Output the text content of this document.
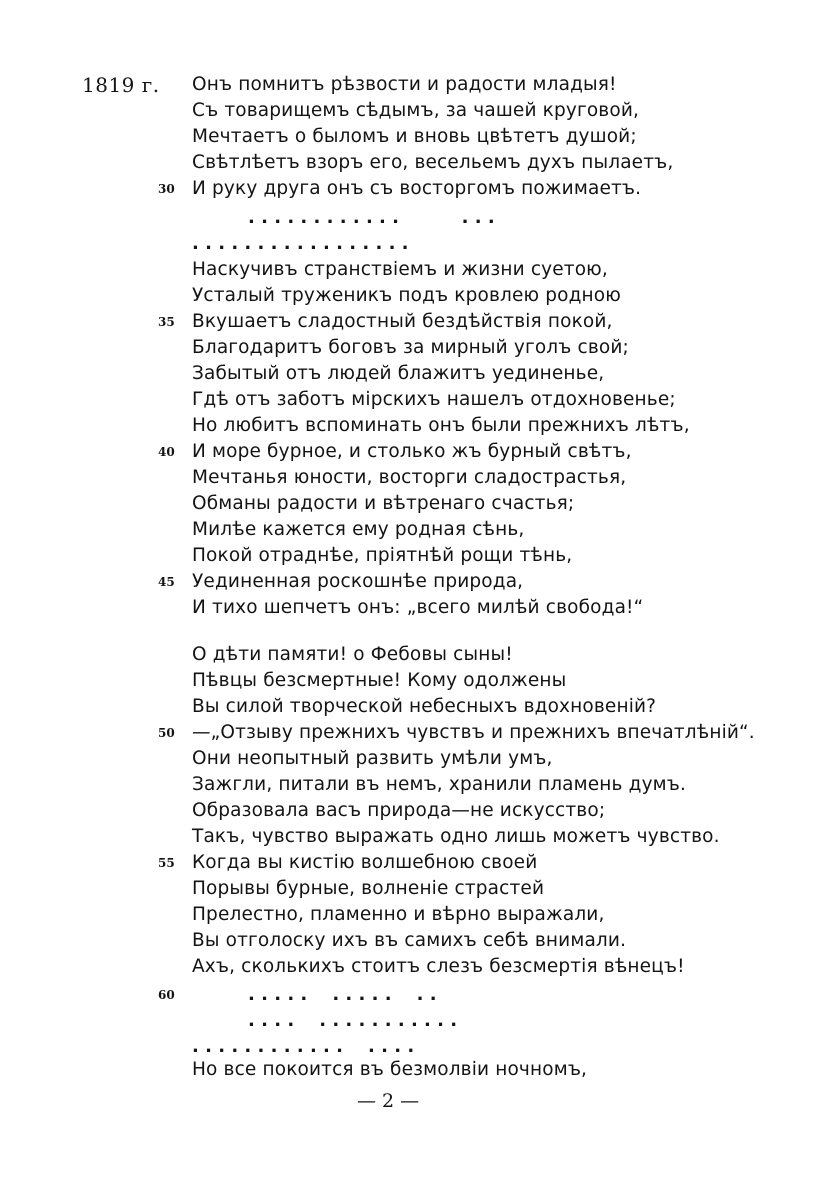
1819 г. Онъ помнитъ рѣзвости и радости младыя!
Съ товарищемъ сѣдымъ, за чашей круговой,
Мечтаетъ о быломъ и вновь цвѣтетъ душой;
Свѣтлѣетъ взоръ его, весельемъ духъ пылаетъ,
30 И руку друга онъ съ восторгомъ пожимаетъ.
. . . . . . . . . . . .          . . .
. . . . . . . . . . . . . . . . .
Наскучивъ странствіемъ и жизни суетою,
Усталый труженикъ подъ кровлею родною
35 Вкушаетъ сладостный бездѣйствія покой,
Благодаритъ боговъ за мирный уголъ свой;
Забытый отъ людей блажитъ уединенье,
Гдѣ отъ заботъ мірскихъ нашелъ отдохновенье;
Но любитъ вспоминать онъ были прежнихъ лѣтъ,
40 И море бурное, и столько жъ бурный свѣтъ,
Мечтанья юности, восторги сладострастья,
Обманы радости и вѣтренаго счастья;
Милѣе кажется ему родная сѣнь,
Покой отраднѣе, пріятнѣй рощи тѣнь,
45 Уединенная роскошнѣе природа,
И тихо шепчетъ онъ: „всего милѣй свобода!“
О дѣти памяти! о Фебовы сыны!
Пѣвцы безсмертные! Кому одолжены
Вы силой творческой небесныхъ вдохновеній?
50 —„Отзыву прежнихъ чувствъ и прежнихъ впечатлѣній“.
Они неопытный развить умѣли умъ,
Зажгли, питали въ немъ, хранили пламень думъ.
Образовала васъ природа—не искусство;
Такъ, чувство выражать одно лишь можетъ чувство.
55 Когда вы кистію волшебною своей
Порывы бурные, волненіе страстей
Прелестно, пламенно и вѣрно выражали,
Вы отголоску ихъ въ самихъ себѣ внимали.
Ахъ, сколькихъ стоитъ слезъ безсмертія вѣнецъ!
60	. . . . .    . . . . .    . .
. . . .    . . . . . . . . . . .
. . . . . . . . . . . .    . . . .
Но все покоится въ безмолвіи ночномъ,
— 2 —
